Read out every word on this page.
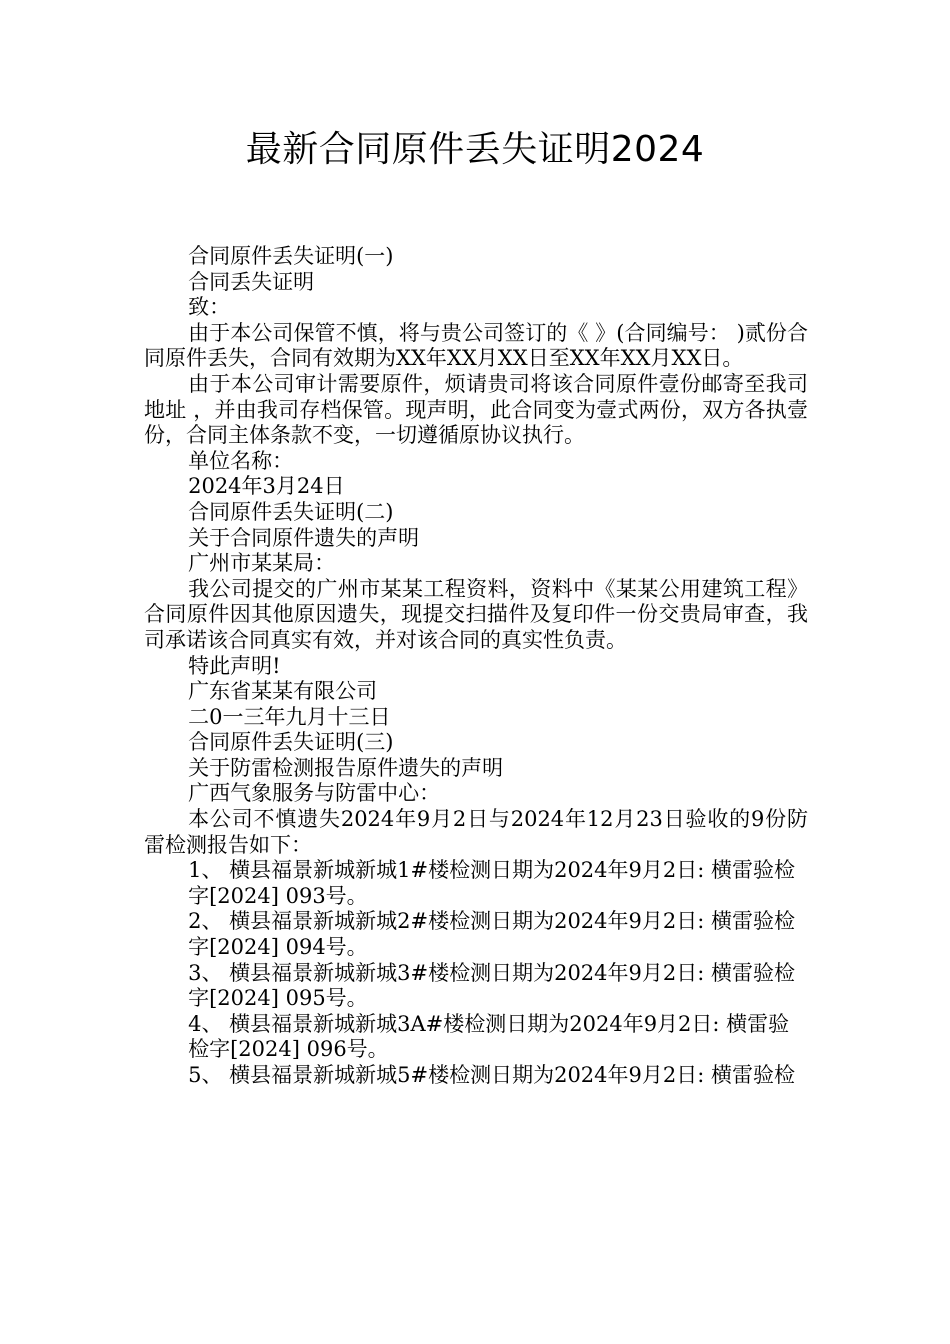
最新合同原件丢失证明2024

合同原件丢失证明(一)

合同丢失证明

致：

由于本公司保管不慎，将与贵公司签订的《 》(合同编号： )贰份合同原件丢失，合同有效期为XX年XX月XX日至XX年XX月XX日。

由于本公司审计需要原件，烦请贵司将该合同原件壹份邮寄至我司地址 ，并由我司存档保管。现声明，此合同变为壹式两份，双方各执壹份，合同主体条款不变，一切遵循原协议执行。

单位名称：

2024年3月24日

合同原件丢失证明(二)

关于合同原件遗失的声明

广州市某某局：

我公司提交的广州市某某工程资料，资料中《某某公用建筑工程》合同原件因其他原因遗失，现提交扫描件及复印件一份交贵局审查，我司承诺该合同真实有效，并对该合同的真实性负责。

特此声明!

广东省某某有限公司

二0一三年九月十三日

合同原件丢失证明(三)

关于防雷检测报告原件遗失的声明

广西气象服务与防雷中心：

本公司不慎遗失2024年9月2日与2024年12月23日验收的9份防雷检测报告如下：

1、 横县福景新城新城1#楼检测日期为2024年9月2日: 横雷验检

字[2024] 093号。

2、 横县福景新城新城2#楼检测日期为2024年9月2日: 横雷验检

字[2024] 094号。

3、 横县福景新城新城3#楼检测日期为2024年9月2日: 横雷验检

字[2024] 095号。

4、 横县福景新城新城3A#楼检测日期为2024年9月2日: 横雷验

检字[2024] 096号。

5、 横县福景新城新城5#楼检测日期为2024年9月2日: 横雷验检
